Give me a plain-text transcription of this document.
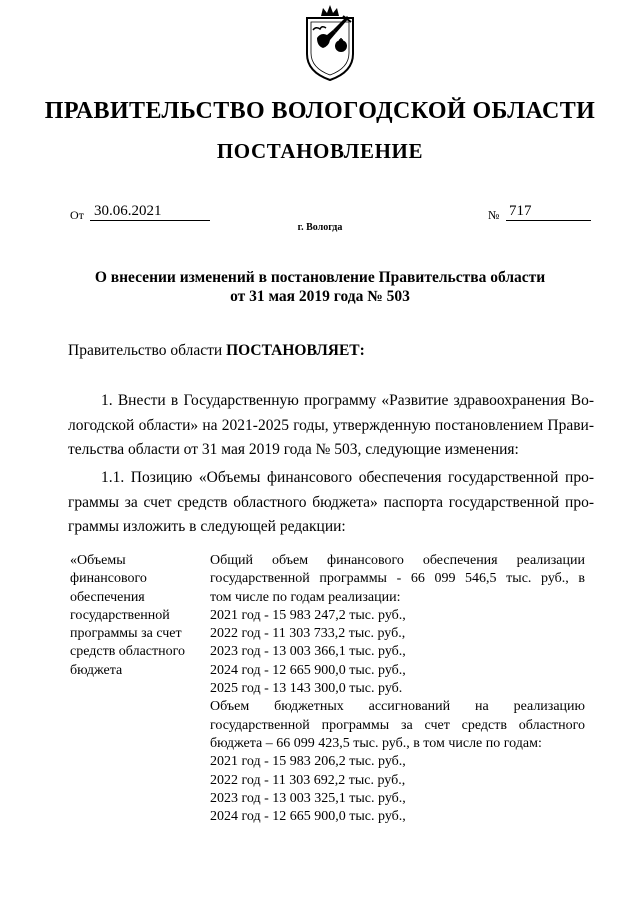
ПРАВИТЕЛЬСТВО ВОЛОГОДСКОЙ ОБЛАСТИ
ПОСТАНОВЛЕНИЕ
От 30.06.2021	№ 717
г. Вологда
О внесении изменений в постановление Правительства области
от 31 мая 2019 года № 503
Правительство области ПОСТАНОВЛЯЕТ:
1. Внести в Государственную программу «Развитие здравоохранения Во-
логодской области» на 2021-2025 годы, утвержденную постановлением Прави-
тельства области от 31 мая 2019 года № 503, следующие изменения:
1.1. Позицию «Объемы финансового обеспечения государственной про-
граммы за счет средств областного бюджета» паспорта государственной про-
граммы изложить в следующей редакции:
«Объемы
финансового
обеспечения
государственной
программы за счет
средств областного
бюджета
Общий объем финансового обеспечения реализации
государственной программы - 66 099 546,5 тыс. руб., в
том числе по годам реализации:
2021 год - 15 983 247,2 тыс. руб.,
2022 год - 11 303 733,2 тыс. руб.,
2023 год - 13 003 366,1 тыс. руб.,
2024 год - 12 665 900,0 тыс. руб.,
2025 год - 13 143 300,0 тыс. руб.
Объем бюджетных ассигнований на реализацию
государственной программы за счет средств областного
бюджета – 66 099 423,5 тыс. руб., в том числе по годам:
2021 год - 15 983 206,2 тыс. руб.,
2022 год - 11 303 692,2 тыс. руб.,
2023 год - 13 003 325,1 тыс. руб.,
2024 год - 12 665 900,0 тыс. руб.,
